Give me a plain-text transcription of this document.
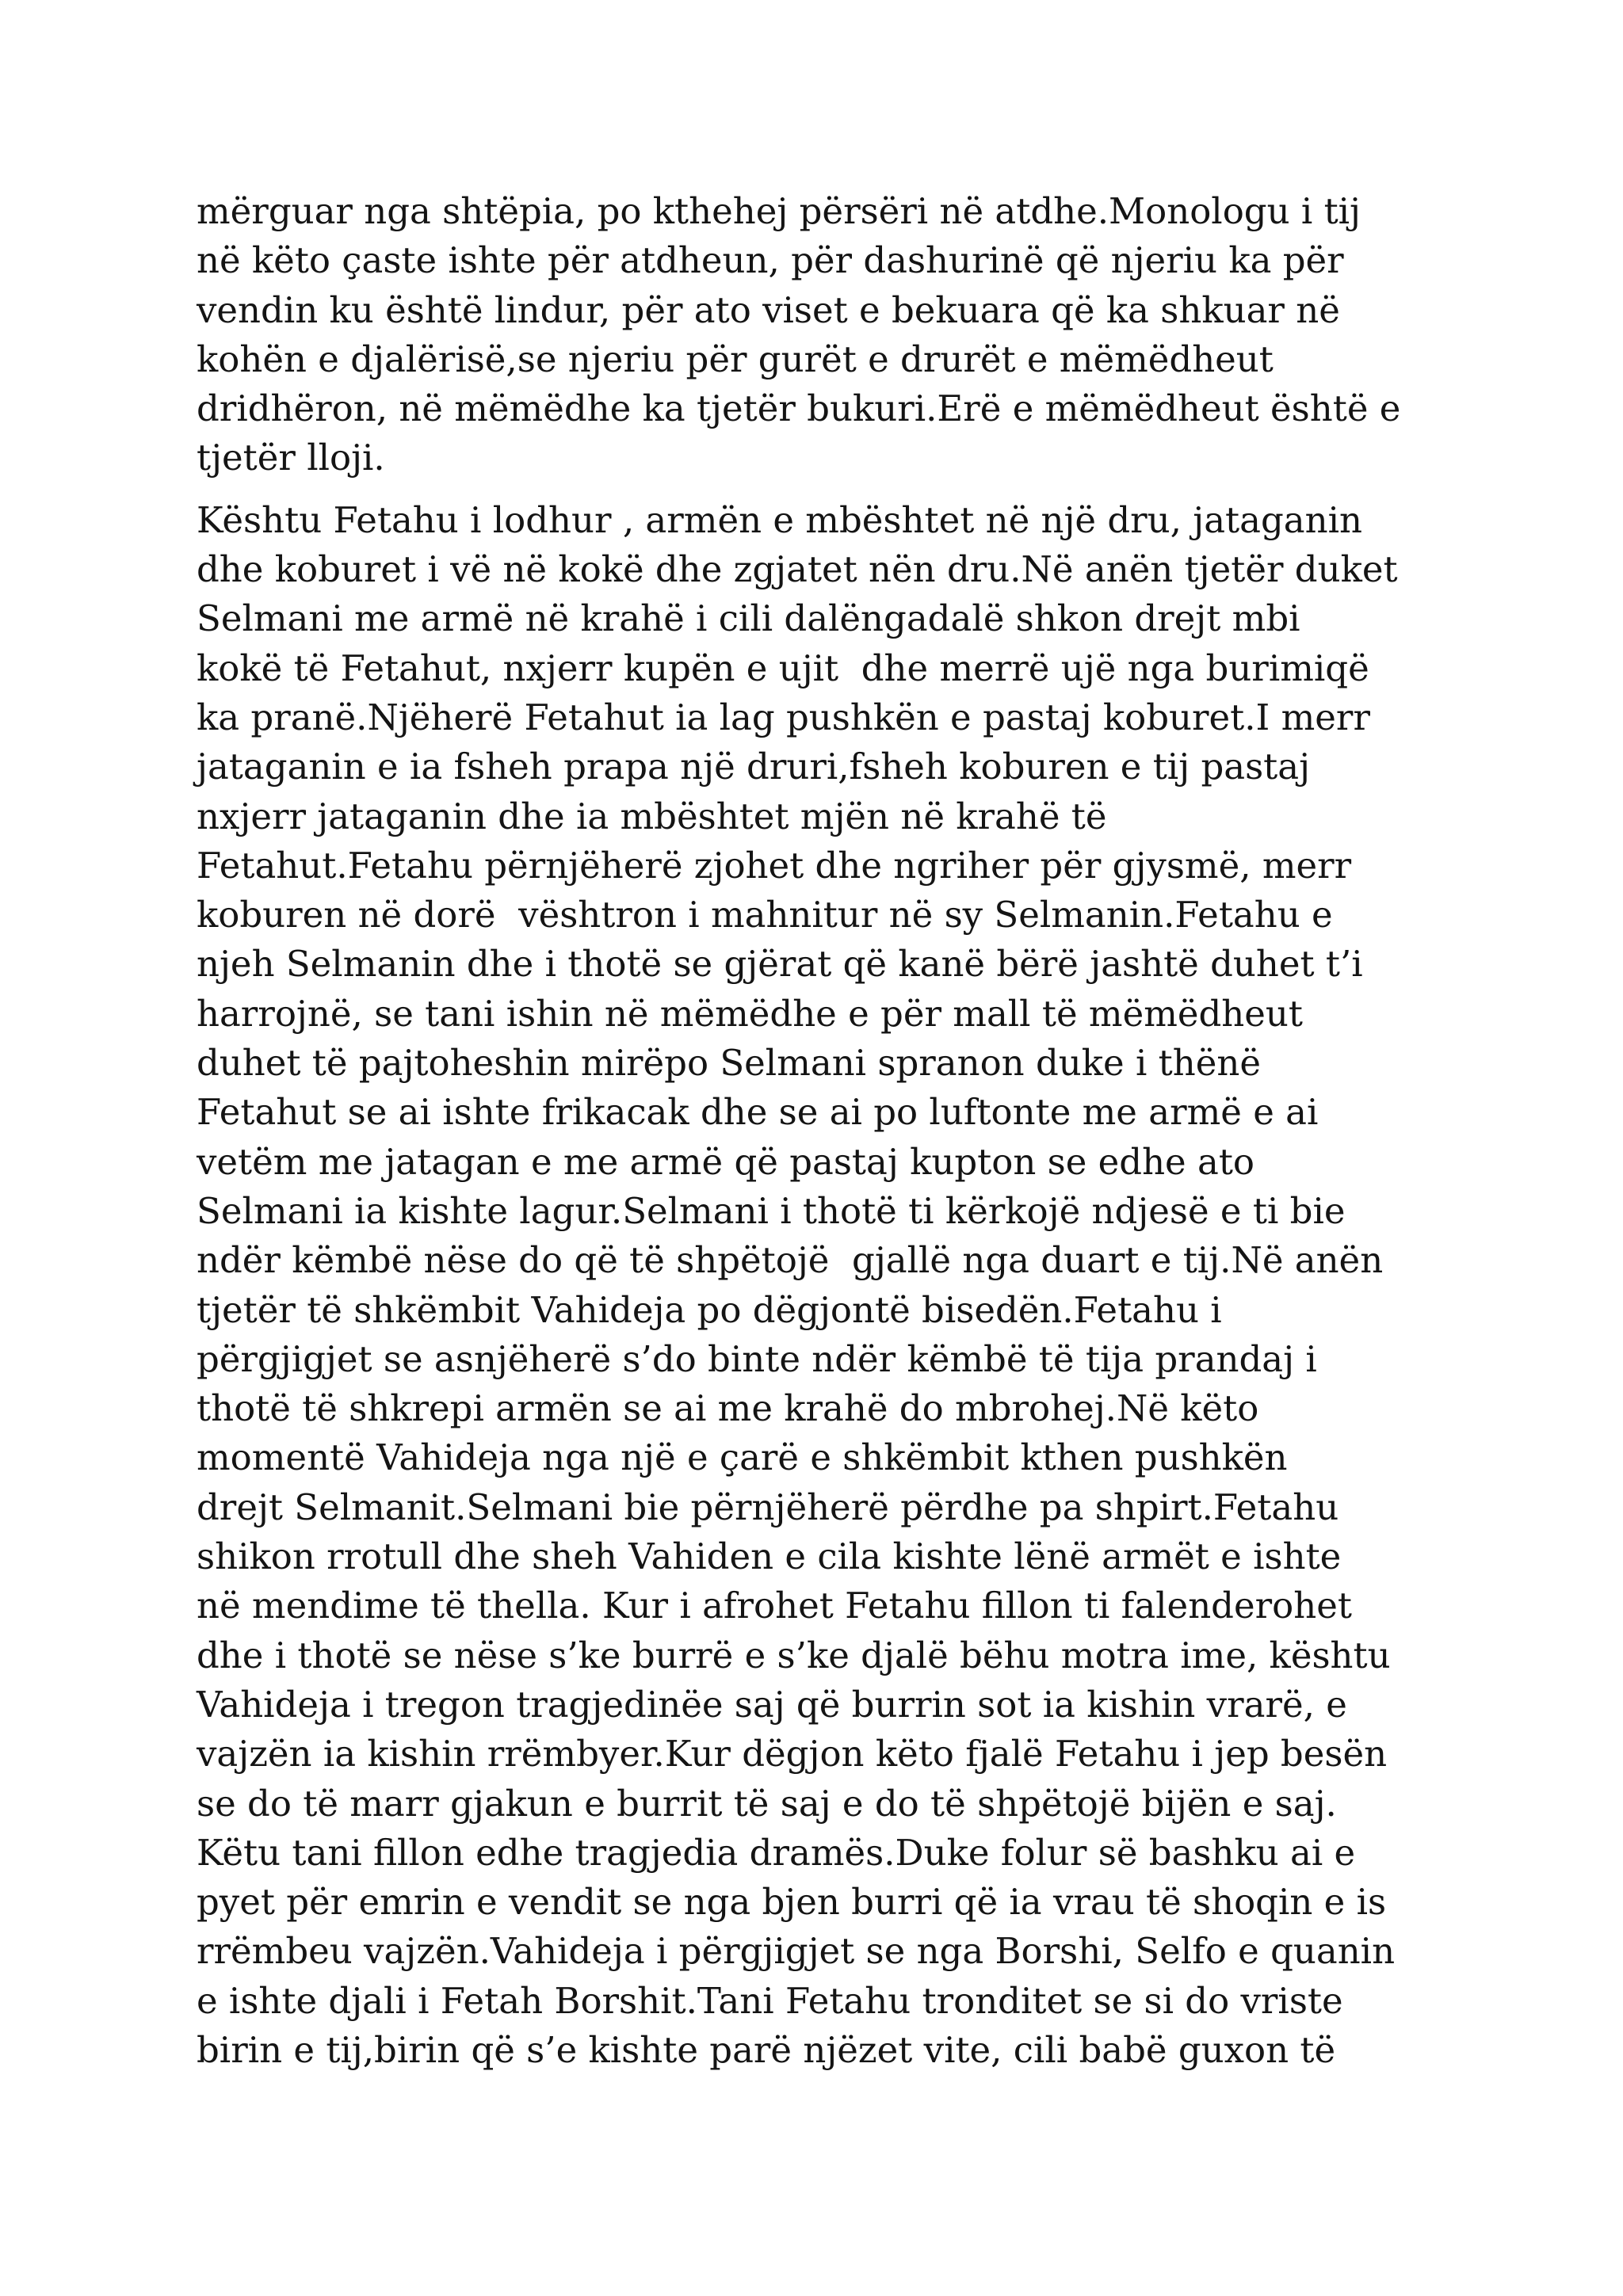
mërguar nga shtëpia, po kthehej përsëri në atdhe.Monologu i tij
në këto çaste ishte për atdheun, për dashurinë që njeriu ka për
vendin ku është lindur, për ato viset e bekuara që ka shkuar në
kohën e djalërisë,se njeriu për gurët e drurët e mëmëdheut
dridhëron, në mëmëdhe ka tjetër bukuri.Erë e mëmëdheut është e
tjetër lloji.

Kështu Fetahu i lodhur , armën e mbështet në një dru, jataganin
dhe koburet i vë në kokë dhe zgjatet nën dru.Në anën tjetër duket
Selmani me armë në krahë i cili dalëngadalë shkon drejt mbi
kokë të Fetahut, nxjerr kupën e ujit  dhe merrë ujë nga burimiqë
ka pranë.Njëherë Fetahut ia lag pushkën e pastaj koburet.I merr
jataganin e ia fsheh prapa një druri,fsheh koburen e tij pastaj
nxjerr jataganin dhe ia mbështet mjën në krahë të
Fetahut.Fetahu përnjëherë zjohet dhe ngriher për gjysmë, merr
koburen në dorë  vështron i mahnitur në sy Selmanin.Fetahu e
njeh Selmanin dhe i thotë se gjërat që kanë bërë jashtë duhet t’i
harrojnë, se tani ishin në mëmëdhe e për mall të mëmëdheut
duhet të pajtoheshin mirëpo Selmani spranon duke i thënë
Fetahut se ai ishte frikacak dhe se ai po luftonte me armë e ai
vetëm me jatagan e me armë që pastaj kupton se edhe ato
Selmani ia kishte lagur.Selmani i thotë ti kërkojë ndjesë e ti bie
ndër këmbë nëse do që të shpëtojë  gjallë nga duart e tij.Në anën
tjetër të shkëmbit Vahideja po dëgjontë bisedën.Fetahu i
përgjigjet se asnjëherë s’do binte ndër këmbë të tija prandaj i
thotë të shkrepi armën se ai me krahë do mbrohej.Në këto
momentë Vahideja nga një e çarë e shkëmbit kthen pushkën
drejt Selmanit.Selmani bie përnjëherë përdhe pa shpirt.Fetahu
shikon rrotull dhe sheh Vahiden e cila kishte lënë armët e ishte
në mendime të thella. Kur i afrohet Fetahu fillon ti falenderohet
dhe i thotë se nëse s’ke burrë e s’ke djalë bëhu motra ime, kështu
Vahideja i tregon tragjedinëe saj që burrin sot ia kishin vrarë, e
vajzën ia kishin rrëmbyer.Kur dëgjon këto fjalë Fetahu i jep besën
se do të marr gjakun e burrit të saj e do të shpëtojë bijën e saj.
Këtu tani fillon edhe tragjedia dramës.Duke folur së bashku ai e
pyet për emrin e vendit se nga bjen burri që ia vrau të shoqin e is
rrëmbeu vajzën.Vahideja i përgjigjet se nga Borshi, Selfo e quanin
e ishte djali i Fetah Borshit.Tani Fetahu tronditet se si do vriste
birin e tij,birin që s’e kishte parë njëzet vite, cili babë guxon të
